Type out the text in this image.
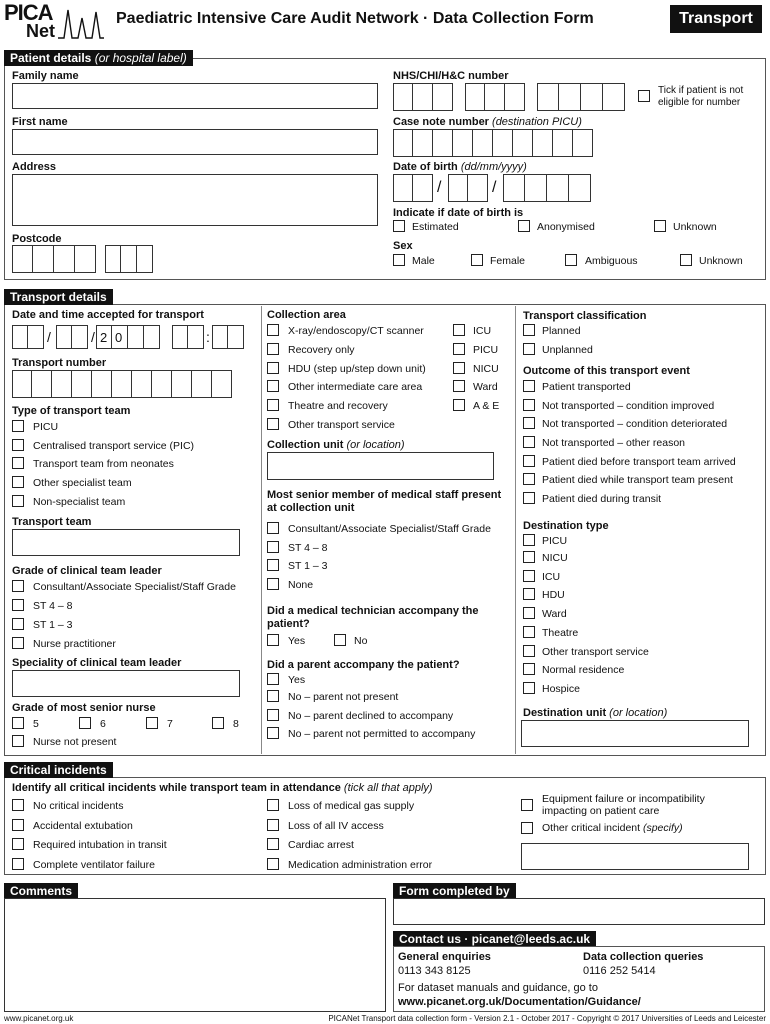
PICA
Net
Paediatric Intensive Care Audit Network · Data Collection Form	Transport
Patient details (or hospital label)
Family name
First name
Address
Postcode
NHS/CHI/H&C number
Tick if patient is not eligible for number
Case note number (destination PICU)
Date of birth (dd/mm/yyyy)
/	/
Indicate if date of birth is
Estimated	Anonymised	Unknown
Sex
Male	Female	Ambiguous	Unknown
Transport details
Date and time accepted for transport
/	/ 2 0	:
Transport number
Type of transport team
PICU
Centralised transport service (PIC)
Transport team from neonates
Other specialist team
Non-specialist team
Transport team
Grade of clinical team leader
Consultant/Associate Specialist/Staff Grade
ST 4 – 8
ST 1 – 3
Nurse practitioner
Speciality of clinical team leader
Grade of most senior nurse
5	6	7	8
Nurse not present
Collection area
X-ray/endoscopy/CT scanner
Recovery only
HDU (step up/step down unit)
Other intermediate care area
Theatre and recovery
Other transport service
ICU
PICU
NICU
Ward
A & E
Collection unit (or location)
Most senior member of medical staff present at collection unit
Consultant/Associate Specialist/Staff Grade
ST 4 – 8
ST 1 – 3
None
Did a medical technician accompany the patient?
Yes	No
Did a parent accompany the patient?
Yes
No – parent not present
No – parent declined to accompany
No – parent not permitted to accompany
Transport classification
Planned
Unplanned
Outcome of this transport event
Patient transported
Not transported – condition improved
Not transported – condition deteriorated
Not transported – other reason
Patient died before transport team arrived
Patient died while transport team present
Patient died during transit
Destination type
PICU
NICU
ICU
HDU
Ward
Theatre
Other transport service
Normal residence
Hospice
Destination unit (or location)
Critical incidents
Identify all critical incidents while transport team in attendance (tick all that apply)
No critical incidents
Accidental extubation
Required intubation in transit
Complete ventilator failure
Loss of medical gas supply
Loss of all IV access
Cardiac arrest
Medication administration error
Equipment failure or incompatibility impacting on patient care
Other critical incident (specify)
Comments	Form completed by
Contact us · picanet@leeds.ac.uk
General enquiries
0113 343 8125
Data collection queries
0116 252 5414
For dataset manuals and guidance, go to
www.picanet.org.uk/Documentation/Guidance/
www.picanet.org.uk	PICANet Transport data collection form - Version 2.1 - October 2017 - Copyright © 2017 Universities of Leeds and Leicester
